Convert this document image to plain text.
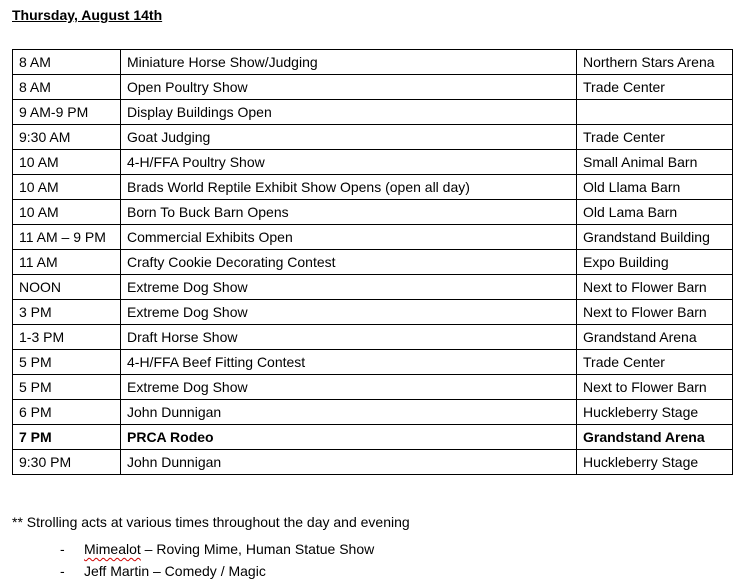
Thursday, August 14th
8 AM	Miniature Horse Show/Judging	Northern Stars Arena
8 AM	Open Poultry Show	Trade Center
9 AM-9 PM	Display Buildings Open	
9:30 AM	Goat Judging	Trade Center
10 AM	4-H/FFA Poultry Show	Small Animal Barn
10 AM	Brads World Reptile Exhibit Show Opens (open all day)	Old Llama Barn
10 AM	Born To Buck Barn Opens	Old Lama Barn
11 AM – 9 PM	Commercial Exhibits Open	Grandstand Building
11 AM	Crafty Cookie Decorating Contest	Expo Building
NOON	Extreme Dog Show	Next to Flower Barn
3 PM	Extreme Dog Show	Next to Flower Barn
1-3 PM	Draft Horse Show	Grandstand Arena
5 PM	4-H/FFA Beef Fitting Contest	Trade Center
5 PM	Extreme Dog Show	Next to Flower Barn
6 PM	John Dunnigan	Huckleberry Stage
7 PM	PRCA Rodeo	Grandstand Arena
9:30 PM	John Dunnigan	Huckleberry Stage
** Strolling acts at various times throughout the day and evening
- Mimealot – Roving Mime, Human Statue Show
- Jeff Martin – Comedy / Magic
